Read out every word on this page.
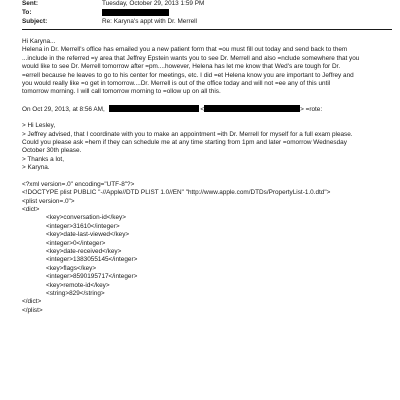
Sent:	Tuesday, October 29, 2013 1:59 PM
To:
Subject:	Re: Karyna's appt with Dr. Merrell

Hi Karyna...

Helena in Dr. Merrell's office has emailed you a new patient form that =ou must fill out today and send back to them

...include in the referred =y area that Jeffrey Epstein wants you to see Dr. Merrell and also =nclude somewhere that you

would like to see Dr. Merrell tomorrow after =pm....however, Helena has let me know that Wed's are tough for Dr.

=errell because he leaves to go to his center for meetings, etc. I did =et Helena know you are important to Jeffrey and

you would really like =o get in tomorrow....Dr. Merrell is out of the office today and will not =ee any of this until

tomorrow morning. I will call tomorrow morning to =ollow up on all this.

On Oct 29, 2013, at 8:56 AM,	<	> =rote:

> Hi Lesley,

> Jeffrey advised, that I coordinate with you to make an appointment =ith Dr. Merrell for myself for a full exam please.

Could you please ask =hem if they can schedule me at any time starting from 1pm and later =omorrow Wednesday

October 30th please.

> Thanks a lot,

> Karyna.

<?xml version=.0" encoding="UTF-8"?>

<!DOCTYPE plist PUBLIC "-//Apple//DTD PLIST 1.0//EN" "http://www.apple.com/DTDs/PropertyList-1.0.dtd">

<plist version=.0">

<dict>

<key>conversation-id</key>

<integer>31610</integer>

<key>date-last-viewed</key>

<integer>0</integer>

<key>date-received</key>

<integer>1383055145</integer>

<key>flags</key>

<integer>8590195717</integer>

<key>remote-id</key>

<string>829</string>

</dict>

</plist>
